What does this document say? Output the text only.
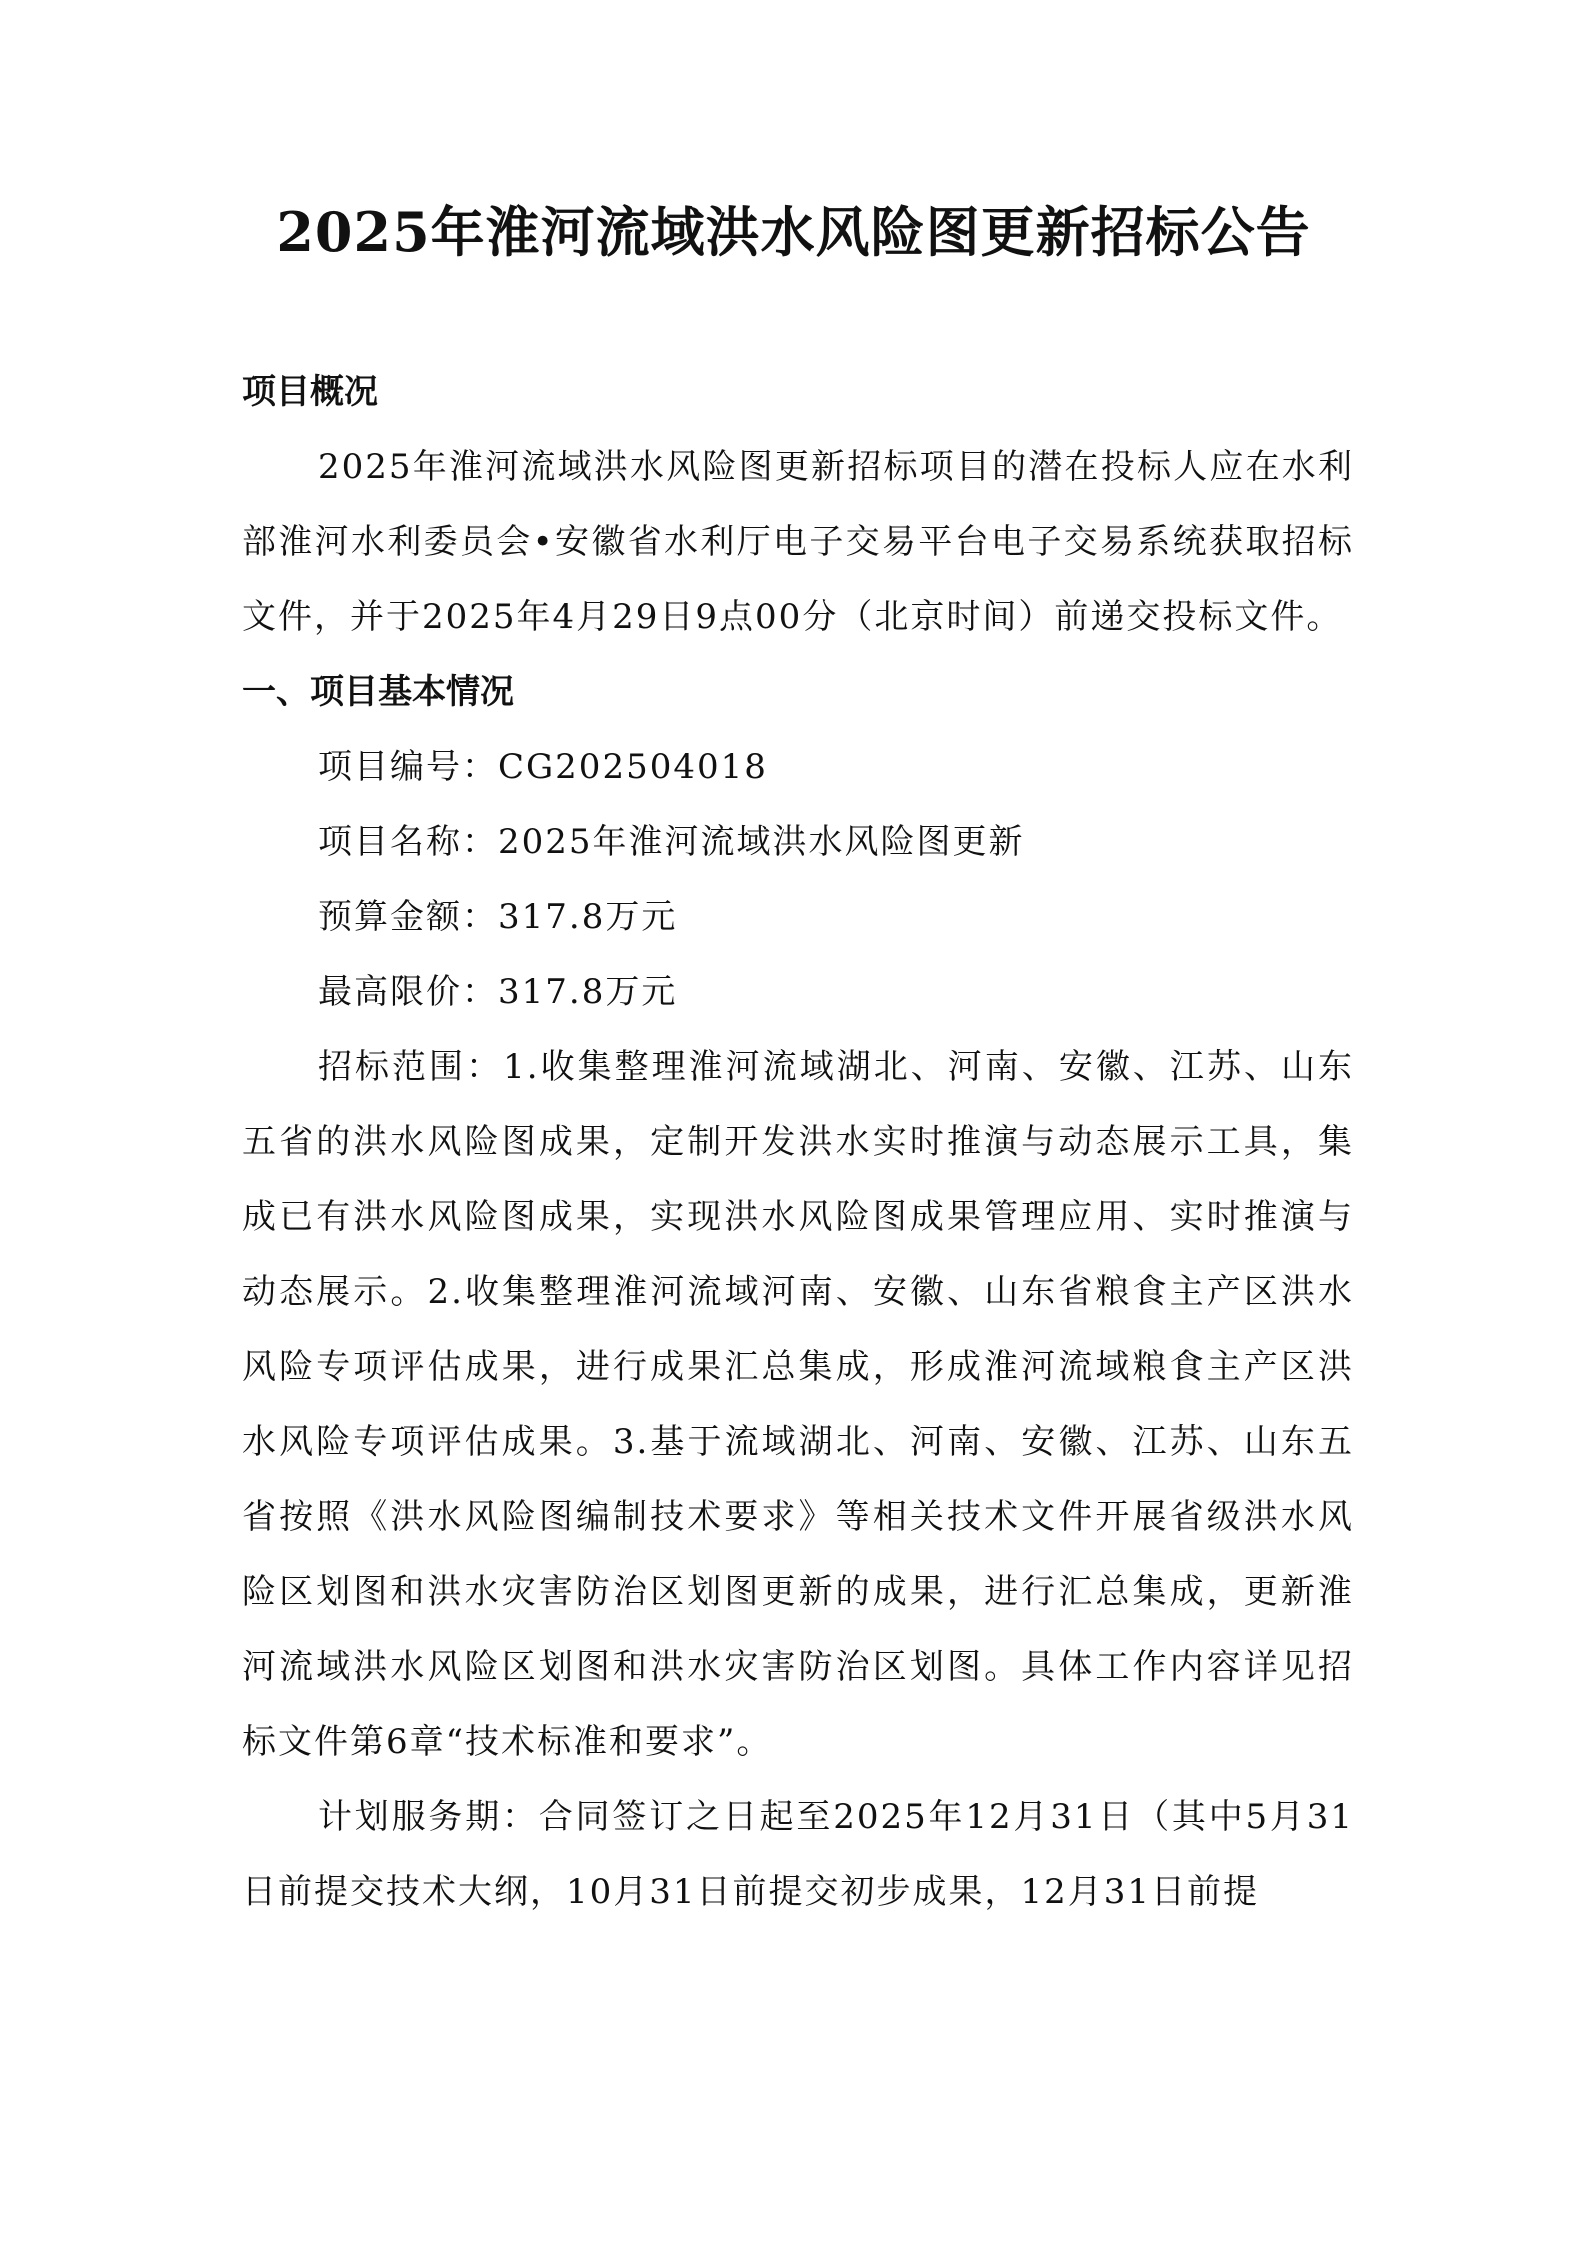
2025年淮河流域洪水风险图更新招标公告

项目概况

2025年淮河流域洪水风险图更新招标项目的潜在投标人应在水利部淮河水利委员会•安徽省水利厅电子交易平台电子交易系统获取招标文件，并于2025年4月29日9点00分（北京时间）前递交投标文件。

一、项目基本情况

项目编号：CG202504018

项目名称：2025年淮河流域洪水风险图更新

预算金额：317.8万元

最高限价：317.8万元

招标范围：1.收集整理淮河流域湖北、河南、安徽、江苏、山东五省的洪水风险图成果，定制开发洪水实时推演与动态展示工具，集成已有洪水风险图成果，实现洪水风险图成果管理应用、实时推演与动态展示。2.收集整理淮河流域河南、安徽、山东省粮食主产区洪水风险专项评估成果，进行成果汇总集成，形成淮河流域粮食主产区洪水风险专项评估成果。3.基于流域湖北、河南、安徽、江苏、山东五省按照《洪水风险图编制技术要求》等相关技术文件开展省级洪水风险区划图和洪水灾害防治区划图更新的成果，进行汇总集成，更新淮河流域洪水风险区划图和洪水灾害防治区划图。具体工作内容详见招标文件第6章“技术标准和要求”。

计划服务期：合同签订之日起至2025年12月31日（其中5月31日前提交技术大纲，10月31日前提交初步成果，12月31日前提
